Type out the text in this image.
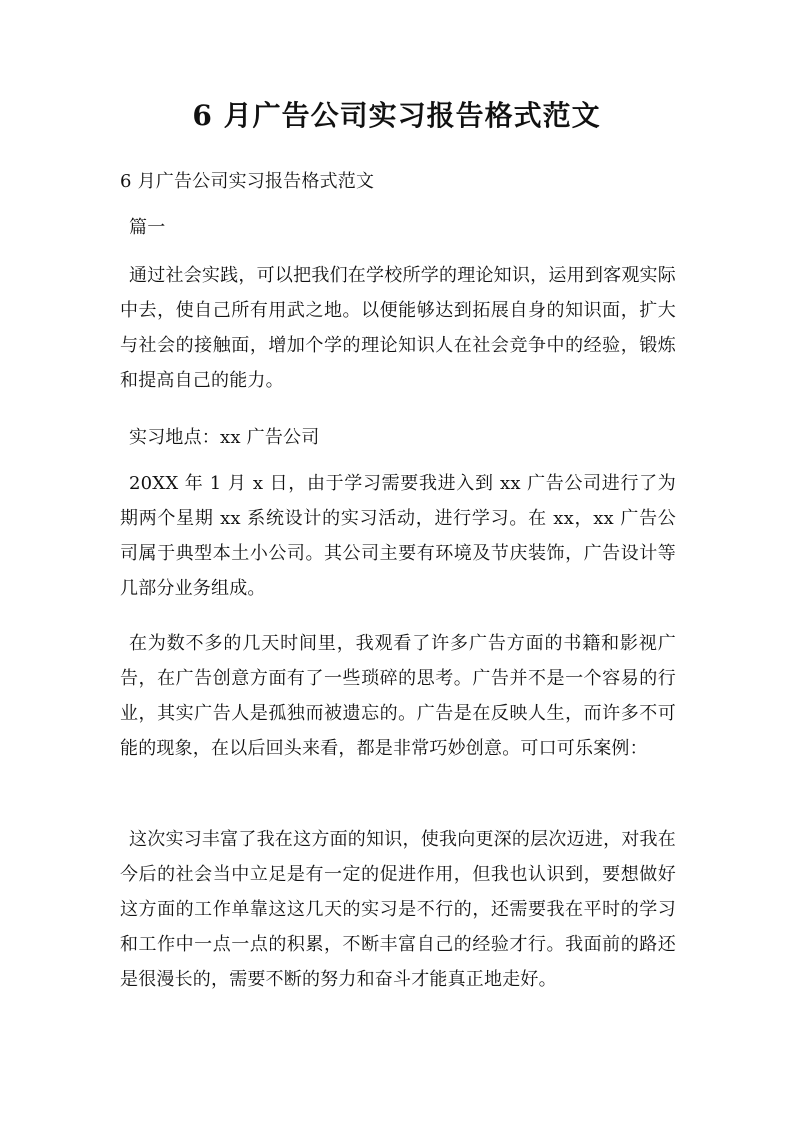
6 月广告公司实习报告格式范文

6 月广告公司实习报告格式范文

篇一

通过社会实践，可以把我们在学校所学的理论知识，运用到客观实际中去，使自己所有用武之地。以便能够达到拓展自身的知识面，扩大与社会的接触面，增加个学的理论知识人在社会竞争中的经验，锻炼和提高自己的能力。

实习地点：xx 广告公司

20XX 年 1 月 x 日，由于学习需要我进入到 xx 广告公司进行了为期两个星期 xx 系统设计的实习活动，进行学习。在 xx，xx 广告公司属于典型本土小公司。其公司主要有环境及节庆装饰，广告设计等几部分业务组成。

在为数不多的几天时间里，我观看了许多广告方面的书籍和影视广告，在广告创意方面有了一些琐碎的思考。广告并不是一个容易的行业，其实广告人是孤独而被遗忘的。广告是在反映人生，而许多不可能的现象，在以后回头来看，都是非常巧妙创意。可口可乐案例：

这次实习丰富了我在这方面的知识，使我向更深的层次迈进，对我在今后的社会当中立足是有一定的促进作用，但我也认识到，要想做好这方面的工作单靠这这几天的实习是不行的，还需要我在平时的学习和工作中一点一点的积累，不断丰富自己的经验才行。我面前的路还是很漫长的，需要不断的努力和奋斗才能真正地走好。
